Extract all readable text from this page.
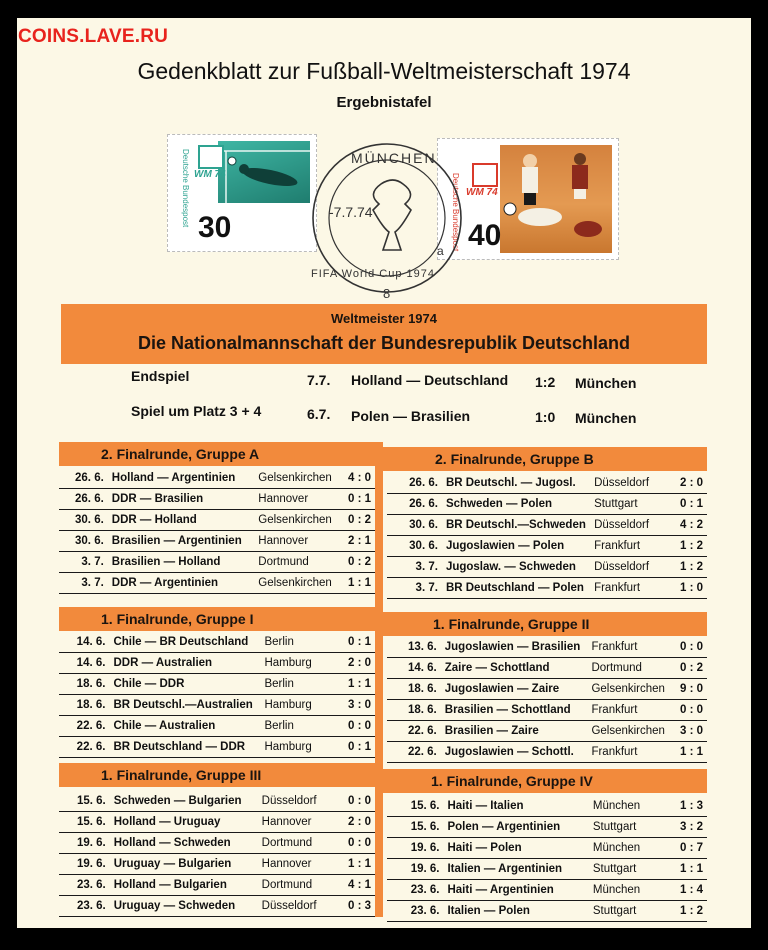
Gedenkblatt zur Fußball-Weltmeisterschaft 1974
Ergebnistafel
WM 74
Deutsche Bundespost
30
WM 74
Deutsche Bundespost 40
MÜNCHEN
-7.7.74
FIFA World Cup 1974
a
8
Weltmeister 1974
Die Nationalmannschaft der Bundesrepublik Deutschland
Endspiel	7.7. Holland — Deutschland 1:2 München
Spiel um Platz 3 + 4	6.7. Polen — Brasilien	1:0 München
2. Finalrunde, Gruppe A	2. Finalrunde, Gruppe B
26. 6.	Holland — Argentinien	Gelsenkirchen	4 : 0
26. 6.	DDR — Brasilien	Hannover	0 : 1
30. 6.	DDR — Holland	Gelsenkirchen	0 : 2
30. 6.	Brasilien — Argentinien	Hannover	2 : 1
3. 7.	Brasilien — Holland	Dortmund	0 : 2
3. 7.	DDR — Argentinien	Gelsenkirchen	1 : 1
26. 6.	BR Deutschl. — Jugosl.	Düsseldorf	2 : 0
26. 6.	Schweden — Polen	Stuttgart	0 : 1
30. 6.	BR Deutschl.—Schweden	Düsseldorf	4 : 2
30. 6.	Jugoslawien — Polen	Frankfurt	1 : 2
3. 7.	Jugoslaw. — Schweden	Düsseldorf	1 : 2
3. 7.	BR Deutschland — Polen	Frankfurt	1 : 0
1. Finalrunde, Gruppe I	1. Finalrunde, Gruppe II
14. 6.	Chile — BR Deutschland	Berlin	0 : 1
14. 6.	DDR — Australien	Hamburg	2 : 0
18. 6.	Chile — DDR	Berlin	1 : 1
18. 6.	BR Deutschl.—Australien	Hamburg	3 : 0
22. 6.	Chile — Australien	Berlin	0 : 0
22. 6.	BR Deutschland — DDR	Hamburg	0 : 1
13. 6.	Jugoslawien — Brasilien	Frankfurt	0 : 0
14. 6.	Zaire — Schottland	Dortmund	0 : 2
18. 6.	Jugoslawien — Zaire	Gelsenkirchen	9 : 0
18. 6.	Brasilien — Schottland	Frankfurt	0 : 0
22. 6.	Brasilien — Zaire	Gelsenkirchen	3 : 0
22. 6.	Jugoslawien — Schottl.	Frankfurt	1 : 1
1. Finalrunde, Gruppe III	1. Finalrunde, Gruppe IV
15. 6.	Schweden — Bulgarien	Düsseldorf	0 : 0
15. 6.	Holland — Uruguay	Hannover	2 : 0
19. 6.	Holland — Schweden	Dortmund	0 : 0
19. 6.	Uruguay — Bulgarien	Hannover	1 : 1
23. 6.	Holland — Bulgarien	Dortmund	4 : 1
23. 6.	Uruguay — Schweden	Düsseldorf	0 : 3
15. 6.	Haiti — Italien	München	1 : 3
15. 6.	Polen — Argentinien	Stuttgart	3 : 2
19. 6.	Haiti — Polen	München	0 : 7
19. 6.	Italien — Argentinien	Stuttgart	1 : 1
23. 6.	Haiti — Argentinien	München	1 : 4
23. 6.	Italien — Polen	Stuttgart	1 : 2
COINS.LAVE.RU
